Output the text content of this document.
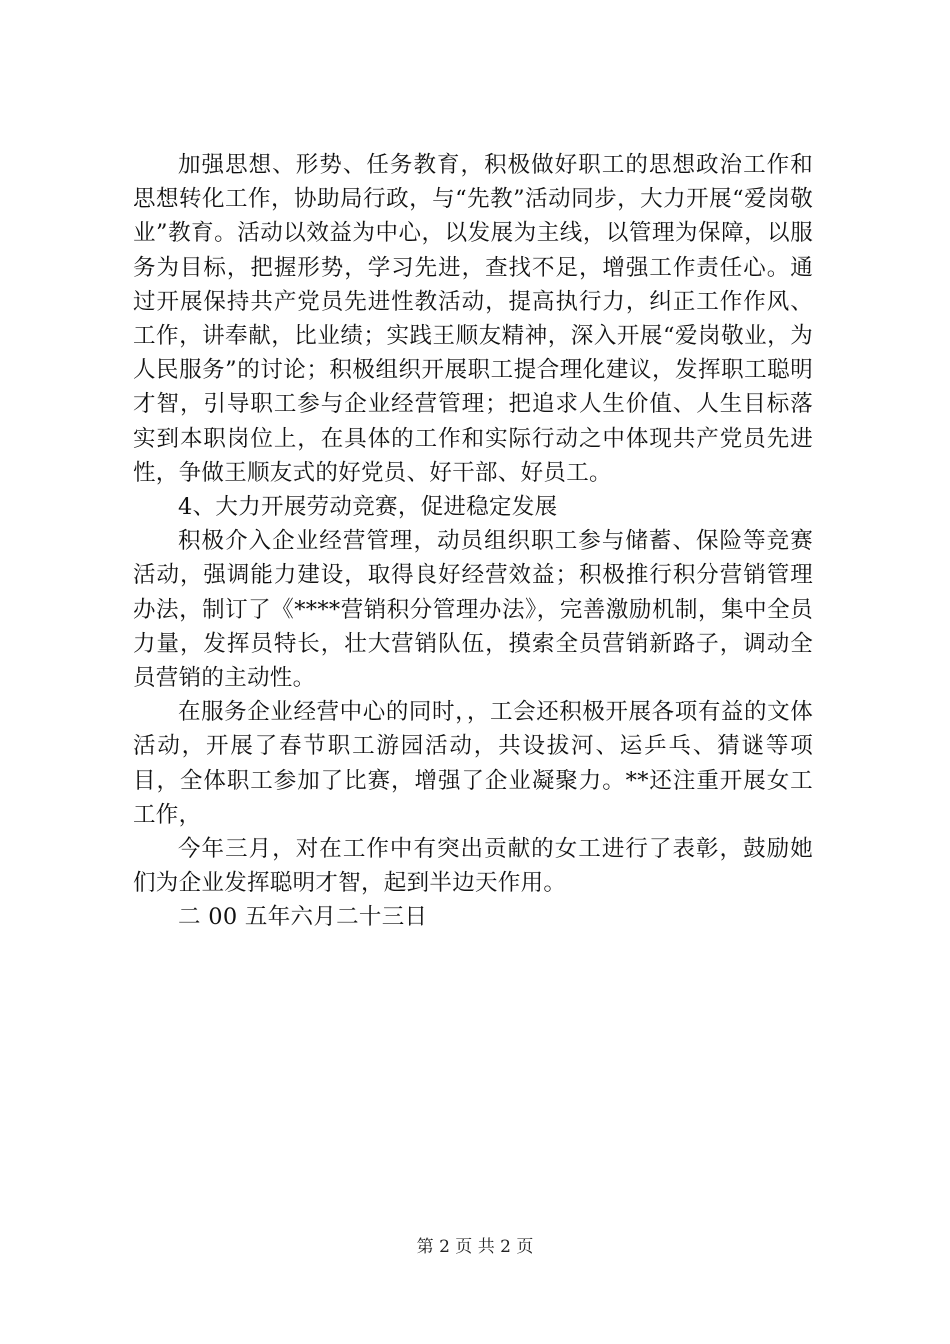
加强思想、形势、任务教育，积极做好职工的思想政治工作和思想转化工作，协助局行政，与“先教”活动同步，大力开展“爱岗敬业”教育。活动以效益为中心，以发展为主线，以管理为保障，以服务为目标，把握形势，学习先进，查找不足，增强工作责任心。通过开展保持共产党员先进性教活动，提高执行力，纠正工作作风、工作，讲奉献，比业绩；实践王顺友精神，深入开展“爱岗敬业，为人民服务”的讨论；积极组织开展职工提合理化建议，发挥职工聪明才智，引导职工参与企业经营管理；把追求人生价值、人生目标落实到本职岗位上，在具体的工作和实际行动之中体现共产党员先进性，争做王顺友式的好党员、好干部、好员工。

4、大力开展劳动竞赛，促进稳定发展

积极介入企业经营管理，动员组织职工参与储蓄、保险等竞赛活动，强调能力建设，取得良好经营效益；积极推行积分营销管理办法，制订了《****营销积分管理办法》，完善激励机制，集中全员力量，发挥员特长，壮大营销队伍，摸索全员营销新路子，调动全员营销的主动性。

在服务企业经营中心的同时，，工会还积极开展各项有益的文体活动，开展了春节职工游园活动，共设拔河、运乒乓、猜谜等项目，全体职工参加了比赛，增强了企业凝聚力。**还注重开展女工工作，

今年三月，对在工作中有突出贡献的女工进行了表彰，鼓励她们为企业发挥聪明才智，起到半边天作用。

二 00 五年六月二十三日

第 2 页 共 2 页
